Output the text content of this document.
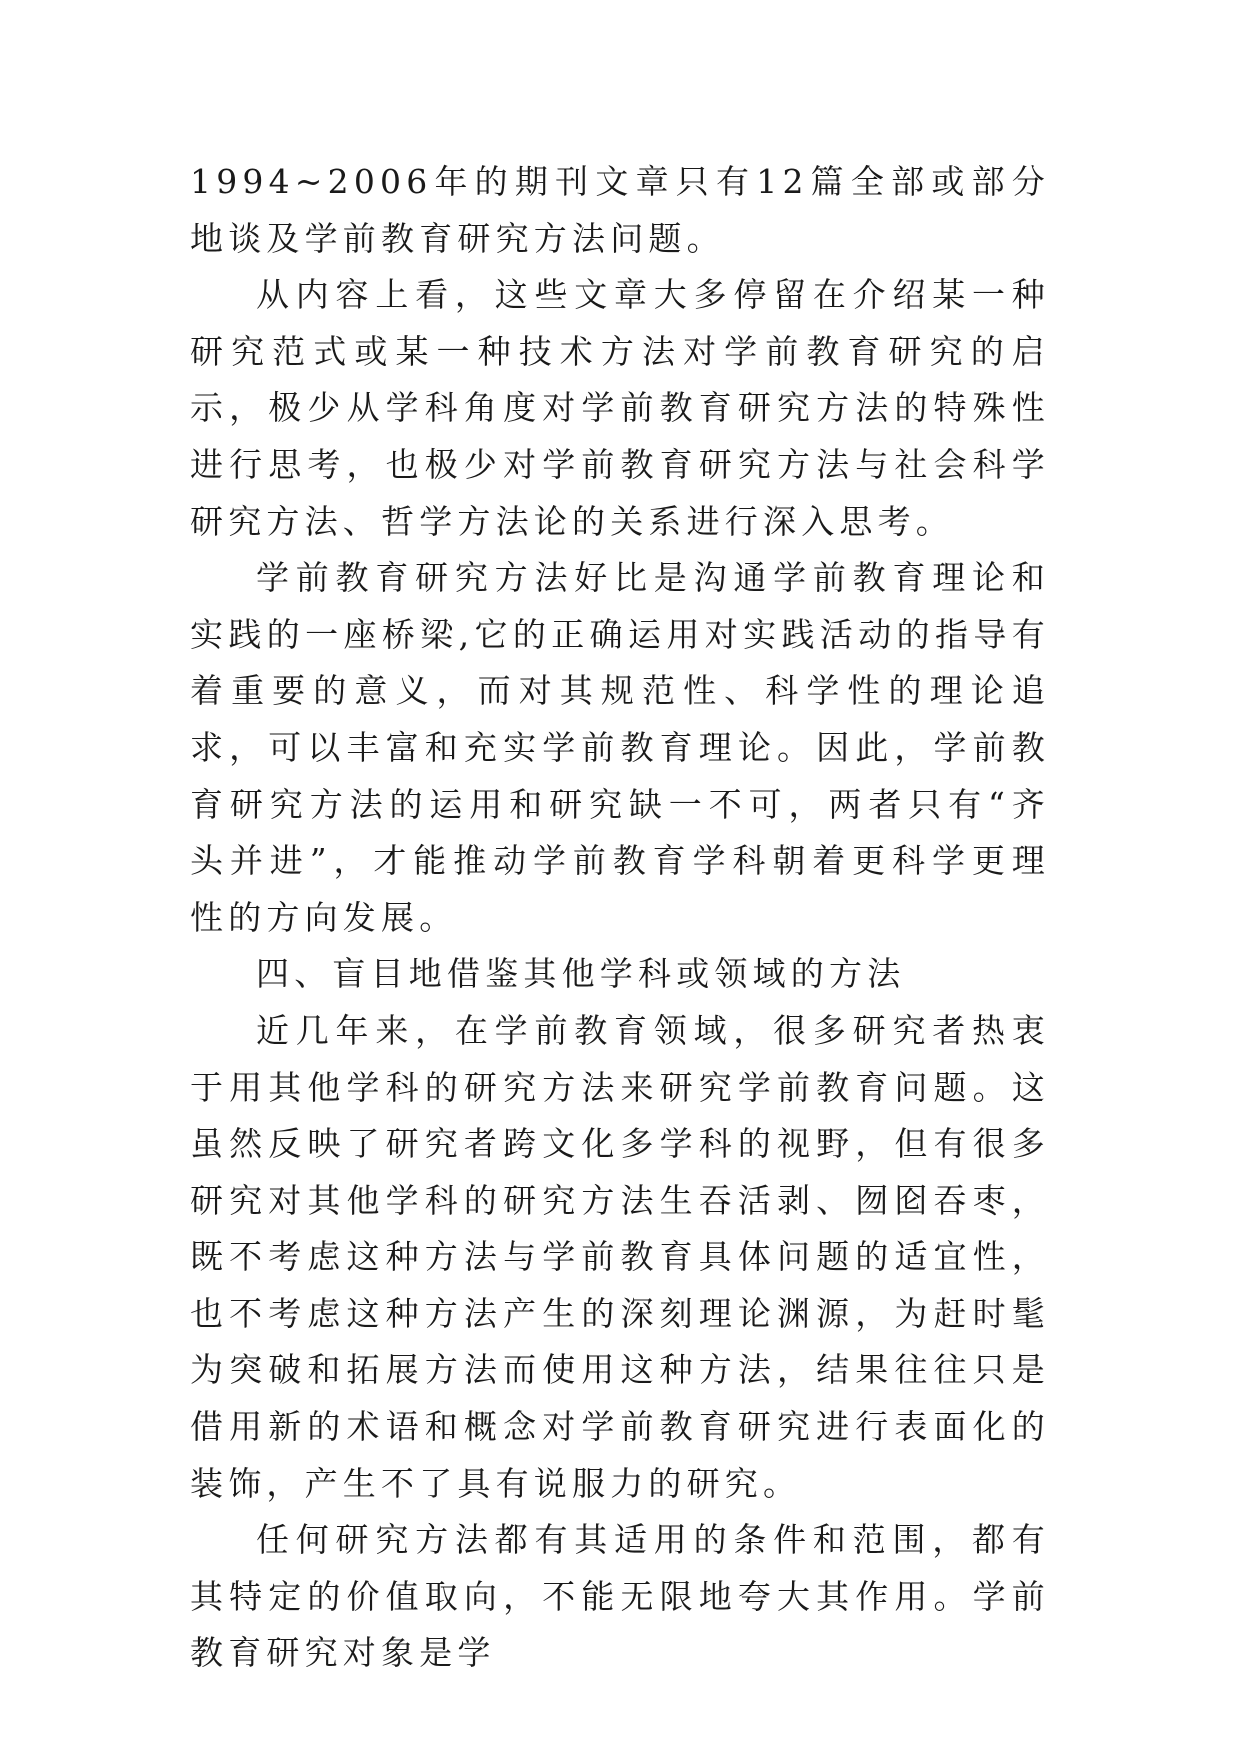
1994~2006年的期刊文章只有12篇全部或部分地谈及学前教育研究方法问题。

从内容上看，这些文章大多停留在介绍某一种研究范式或某一种技术方法对学前教育研究的启示，极少从学科角度对学前教育研究方法的特殊性进行思考，也极少对学前教育研究方法与社会科学研究方法、哲学方法论的关系进行深入思考。

学前教育研究方法好比是沟通学前教育理论和实践的一座桥梁,它的正确运用对实践活动的指导有着重要的意义，而对其规范性、科学性的理论追求，可以丰富和充实学前教育理论。因此，学前教育研究方法的运用和研究缺一不可，两者只有“齐头并进”，才能推动学前教育学科朝着更科学更理性的方向发展。

四、盲目地借鉴其他学科或领域的方法

近几年来，在学前教育领域，很多研究者热衷于用其他学科的研究方法来研究学前教育问题。这虽然反映了研究者跨文化多学科的视野，但有很多研究对其他学科的研究方法生吞活剥、囫囵吞枣，既不考虑这种方法与学前教育具体问题的适宜性，也不考虑这种方法产生的深刻理论渊源，为赶时髦为突破和拓展方法而使用这种方法，结果往往只是借用新的术语和概念对学前教育研究进行表面化的装饰，产生不了具有说服力的研究。

任何研究方法都有其适用的条件和范围，都有其特定的价值取向，不能无限地夸大其作用。学前教育研究对象是学
